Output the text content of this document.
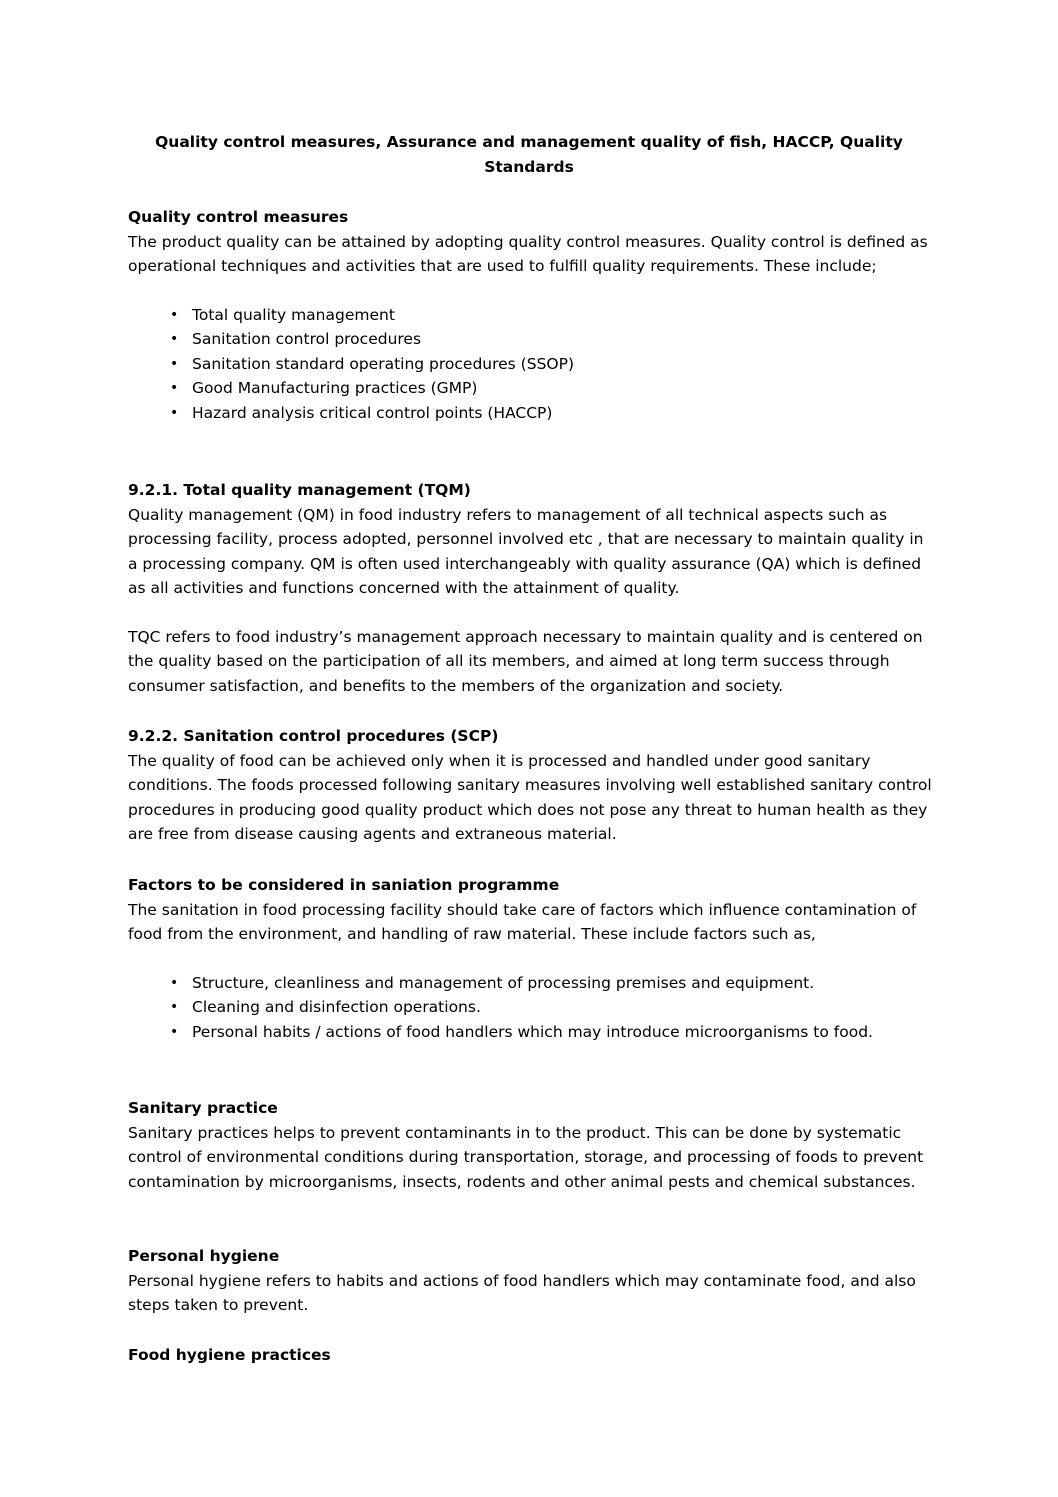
Quality control measures, Assurance and management quality of fish, HACCP, Quality Standards
Quality control measures

The product quality can be attained by adopting quality control measures. Quality control is defined as operational techniques and activities that are used to fulfill quality requirements. These include;

• Total quality management
• Sanitation control procedures
• Sanitation standard operating procedures (SSOP)
• Good Manufacturing practices (GMP)
• Hazard analysis critical control points (HACCP)
9.2.1. Total quality management (TQM)

Quality management (QM) in food industry refers to management of all technical aspects such as processing facility, process adopted, personnel involved etc , that are necessary to maintain quality in a processing company. QM is often used interchangeably with quality assurance (QA) which is defined as all activities and functions concerned with the attainment of quality.

TQC refers to food industry’s management approach necessary to maintain quality and is centered on the quality based on the participation of all its members, and aimed at long term success through consumer satisfaction, and benefits to the members of the organization and society.

9.2.2. Sanitation control procedures (SCP)

The quality of food can be achieved only when it is processed and handled under good sanitary conditions. The foods processed following sanitary measures involving well established sanitary control procedures in producing good quality product which does not pose any threat to human health as they are free from disease causing agents and extraneous material.

Factors to be considered in saniation programme

The sanitation in food processing facility should take care of factors which influence contamination of food from the environment, and handling of raw material. These include factors such as,

• Structure, cleanliness and management of processing premises and equipment.
• Cleaning and disinfection operations.
• Personal habits / actions of food handlers which may introduce microorganisms to food.
Sanitary practice

Sanitary practices helps to prevent contaminants in to the product. This can be done by systematic control of environmental conditions during transportation, storage, and processing of foods to prevent contamination by microorganisms, insects, rodents and other animal pests and chemical substances.

Personal hygiene

Personal hygiene refers to habits and actions of food handlers which may contaminate food, and also steps taken to prevent.

Food hygiene practices
